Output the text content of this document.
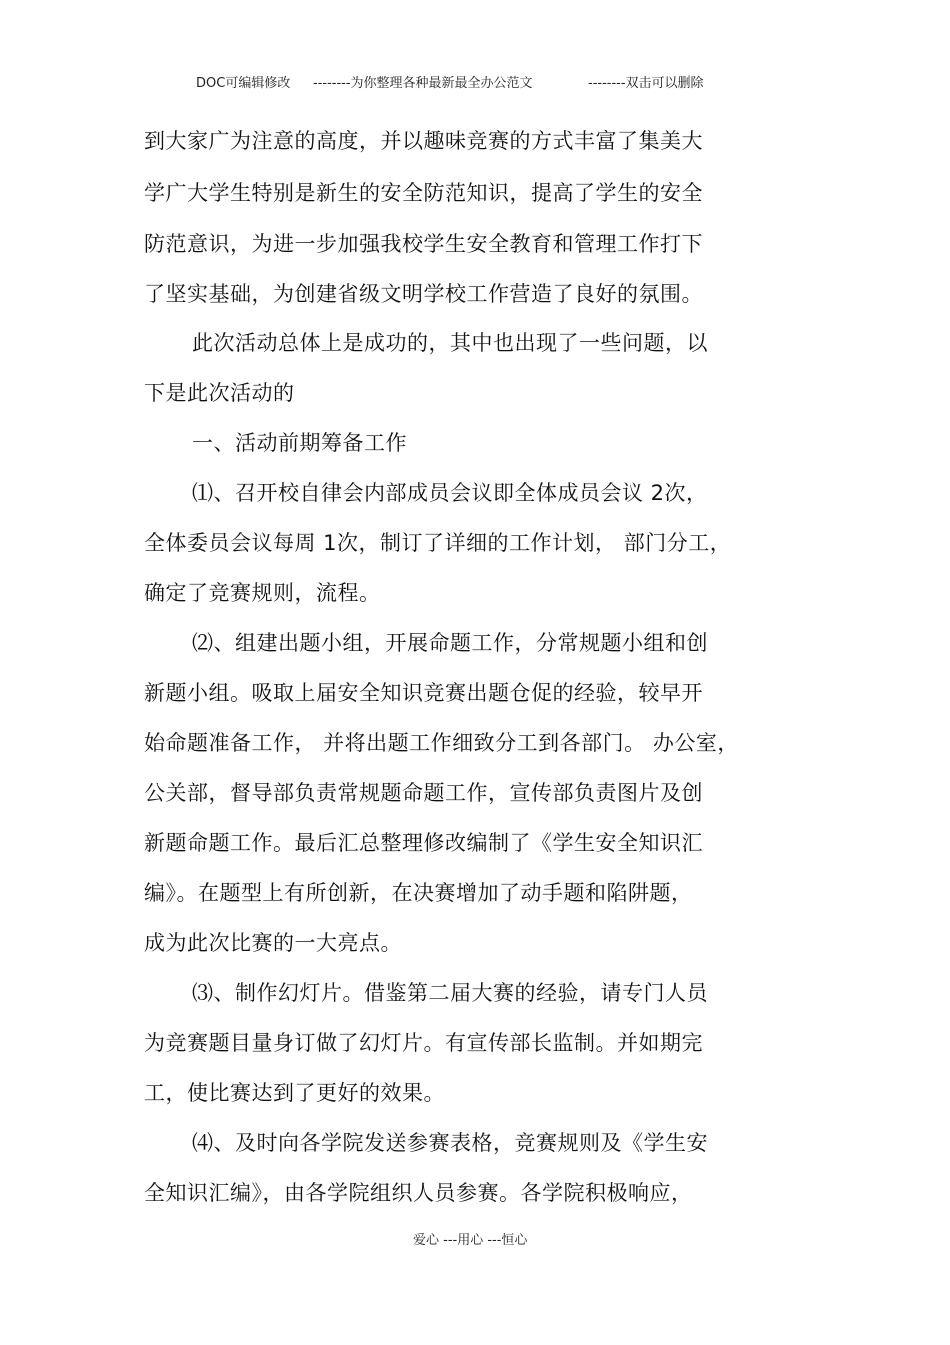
DOC可编辑修改 --------为你整理各种最新最全办公范文	--------双击可以删除
到大家广为注意的高度，并以趣味竞赛的方式丰富了集美大
学广大学生特别是新生的安全防范知识，提高了学生的安全
防范意识，为进一步加强我校学生安全教育和管理工作打下
了坚实基础，为创建省级文明学校工作营造了良好的氛围。
此次活动总体上是成功的，其中也出现了一些问题，以
下是此次活动的
一、活动前期筹备工作
⑴、召开校自律会内部成员会议即全体成员会议 2次，
全体委员会议每周 1次，制订了详细的工作计划， 部门分工，
确定了竞赛规则，流程。
⑵、组建出题小组，开展命题工作，分常规题小组和创
新题小组。吸取上届安全知识竞赛出题仓促的经验，较早开
始命题准备工作， 并将出题工作细致分工到各部门。 办公室，
公关部，督导部负责常规题命题工作，宣传部负责图片及创
新题命题工作。最后汇总整理修改编制了《学生安全知识汇
编》。在题型上有所创新，在决赛增加了动手题和陷阱题，
成为此次比赛的一大亮点。
⑶、制作幻灯片。借鉴第二届大赛的经验，请专门人员
为竞赛题目量身订做了幻灯片。有宣传部长监制。并如期完
工，使比赛达到了更好的效果。
⑷、及时向各学院发送参赛表格，竞赛规则及《学生安
全知识汇编》，由各学院组织人员参赛。各学院积极响应，
爱心 ---用心 ---恒心
